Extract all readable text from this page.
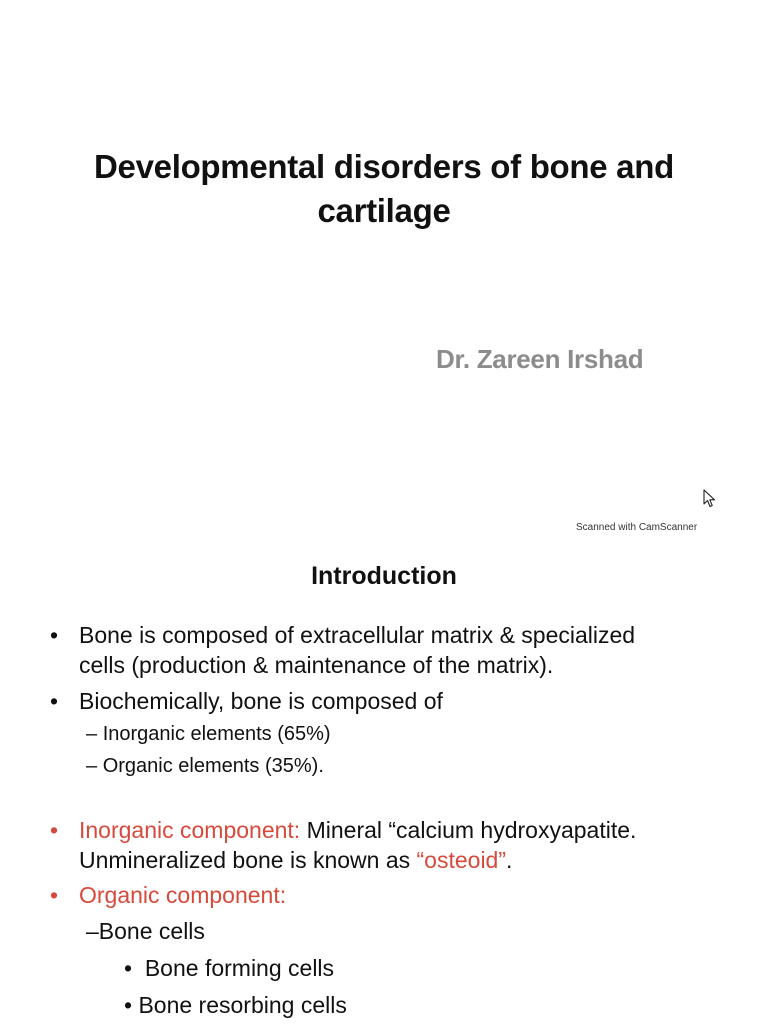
Developmental disorders of bone and
cartilage
Dr. Zareen Irshad
Scanned with CamScanner
Introduction
• Bone is composed of extracellular matrix & specialized
cells (production & maintenance of the matrix).
• Biochemically, bone is composed of
– Inorganic elements (65%)
– Organic elements (35%).
• Inorganic component: Mineral “calcium hydroxyapatite.
Unmineralized bone is known as “osteoid”.
• Organic component:
–Bone cells
• Bone forming cells
• Bone resorbing cells
